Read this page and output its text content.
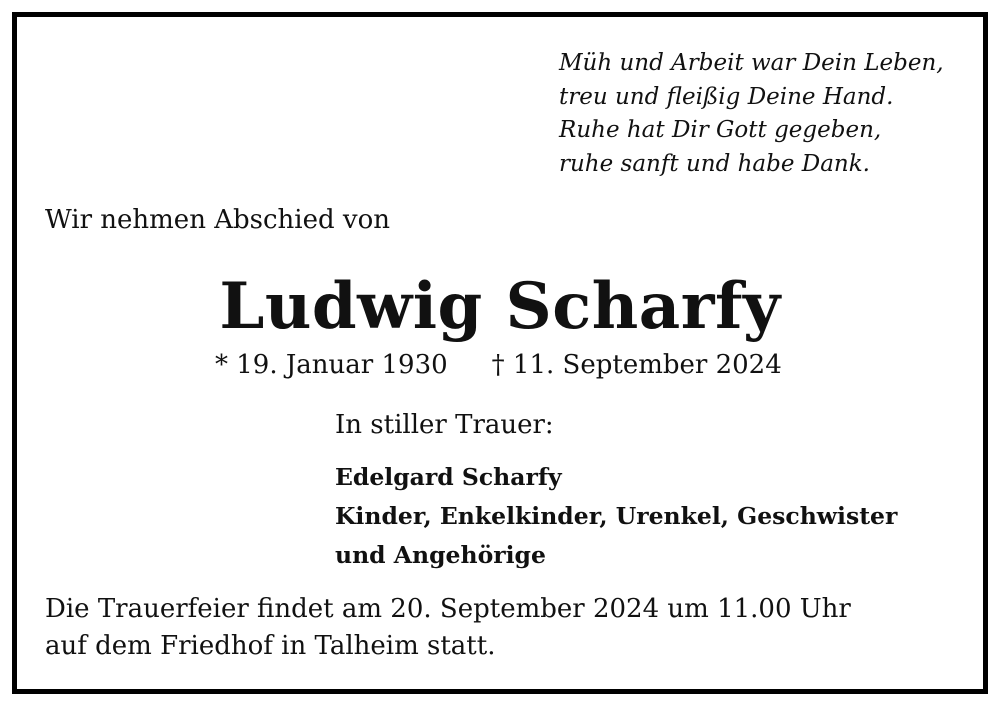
Müh und Arbeit war Dein Leben,
treu und fleißig Deine Hand.
Ruhe hat Dir Gott gegeben,
ruhe sanft und habe Dank.
Wir nehmen Abschied von
Ludwig Scharfy
* 19. Januar 1930 † 11. September 2024
In stiller Trauer:
Edelgard Scharfy
Kinder, Enkelkinder, Urenkel, Geschwister
und Angehörige
Die Trauerfeier findet am 20. September 2024 um 11.00 Uhr
auf dem Friedhof in Talheim statt.
